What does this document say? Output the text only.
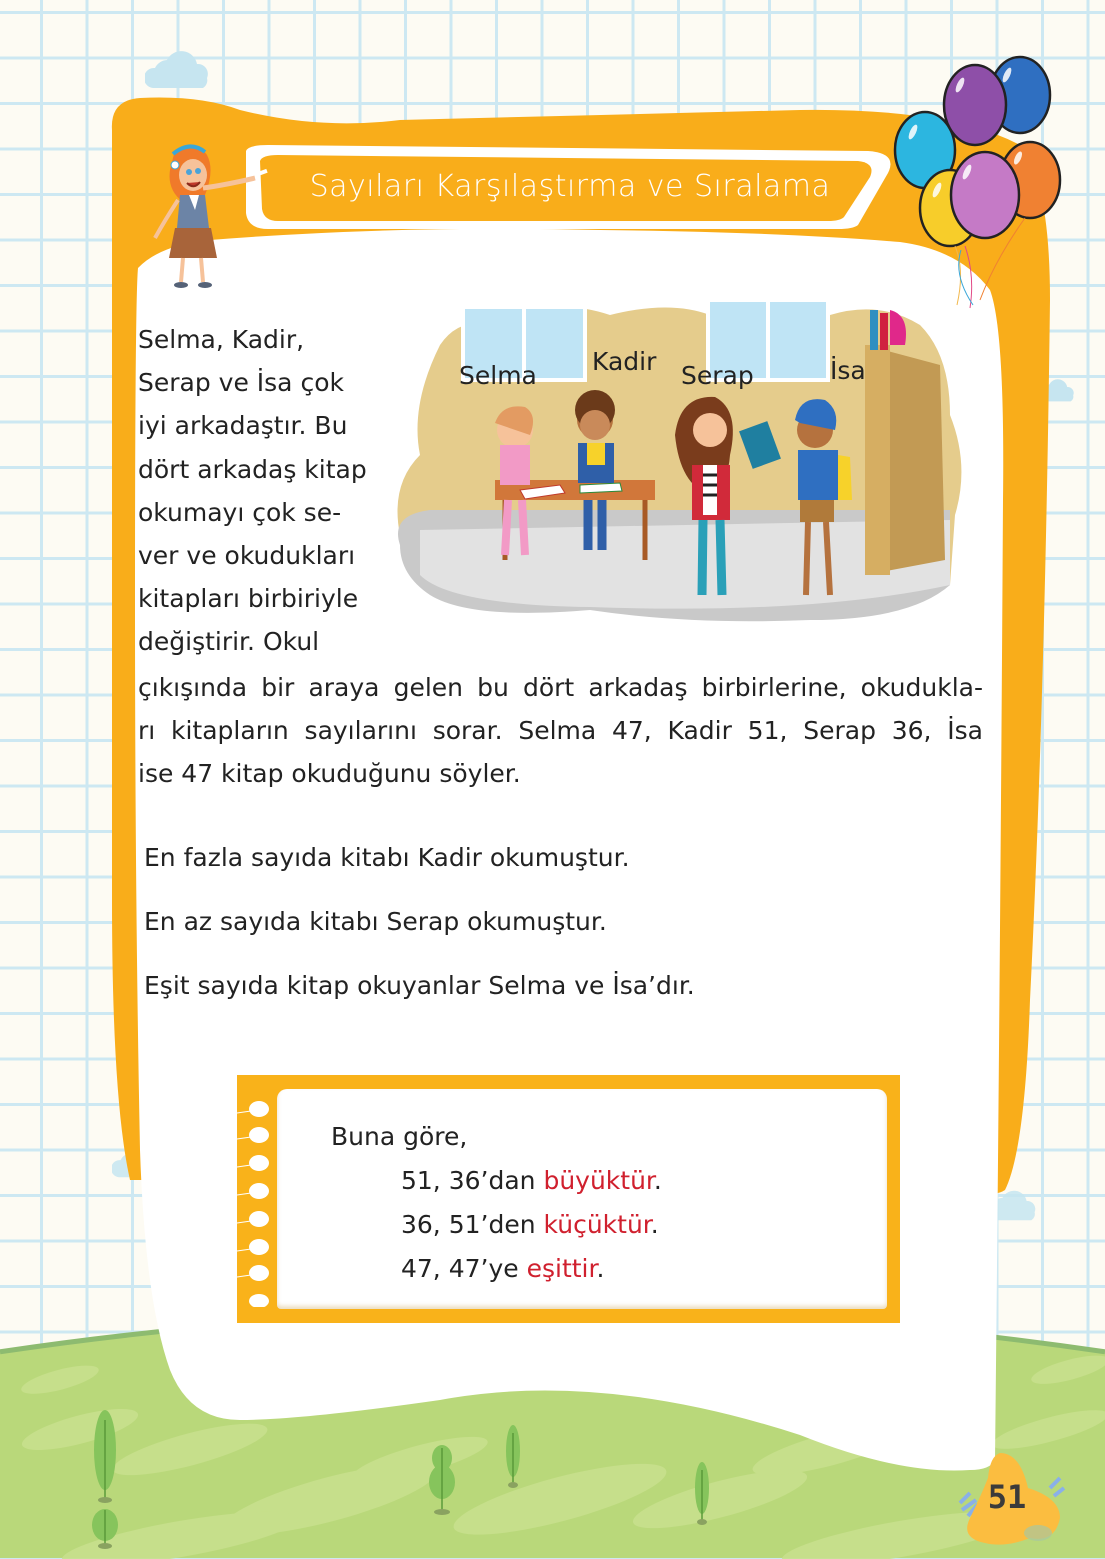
Sayıları Karşılaştırma ve Sıralama
Selma Kadir Serap	İsa
Selma, Kadir,
Serap ve İsa çok
iyi arkadaştır. Bu
dört arkadaş kitap
okumayı çok se-
ver ve okudukları
kitapları birbiriyle
değiştirir. Okul
çıkışında bir araya gelen bu dört arkadaş birbirlerine, okudukla-
rı kitapların sayılarını sorar. Selma 47, Kadir 51, Serap 36, İsa
ise 47 kitap okuduğunu söyler.
En fazla sayıda kitabı Kadir okumuştur.
En az sayıda kitabı Serap okumuştur.
Eşit sayıda kitap okuyanlar Selma ve İsa’dır.
Buna göre,
51, 36’dan büyüktür.
36, 51’den küçüktür.
47, 47’ye eşittir.
51
